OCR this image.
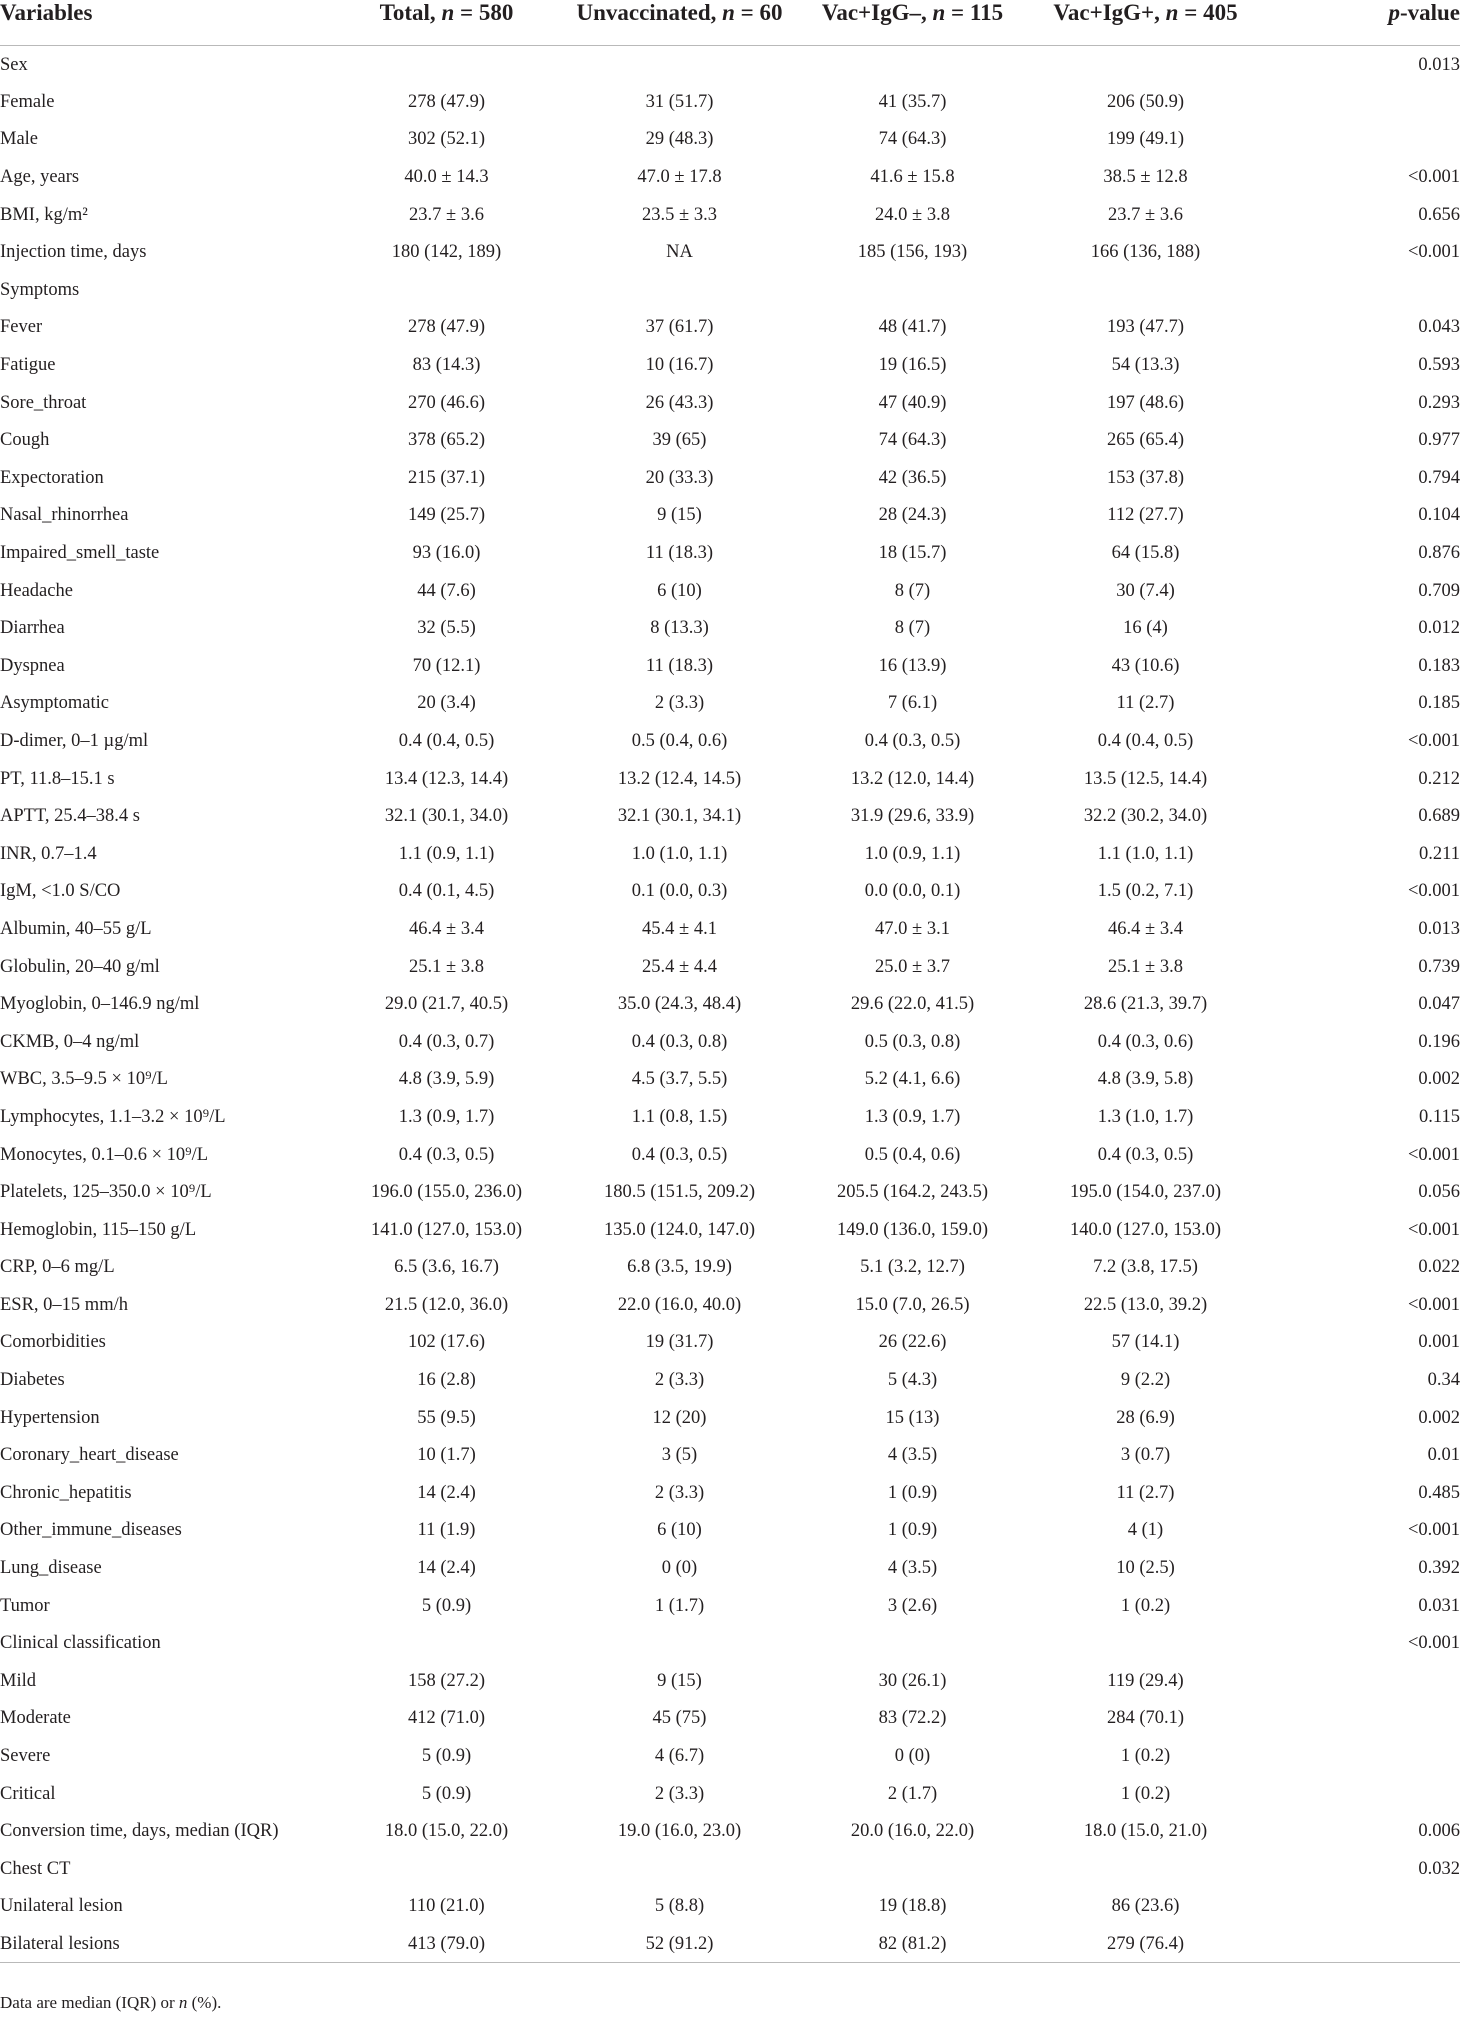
Variables	Total, n = 580	Unvaccinated, n = 60	Vac+IgG–, n = 115	Vac+IgG+, n = 405	p-value
Sex					0.013
Female	278 (47.9)	31 (51.7)	41 (35.7)	206 (50.9)	
Male	302 (52.1)	29 (48.3)	74 (64.3)	199 (49.1)	
Age, years	40.0 ± 14.3	47.0 ± 17.8	41.6 ± 15.8	38.5 ± 12.8	<0.001
BMI, kg/m²	23.7 ± 3.6	23.5 ± 3.3	24.0 ± 3.8	23.7 ± 3.6	0.656
Injection time, days	180 (142, 189)	NA	185 (156, 193)	166 (136, 188)	<0.001
Symptoms					
Fever	278 (47.9)	37 (61.7)	48 (41.7)	193 (47.7)	0.043
Fatigue	83 (14.3)	10 (16.7)	19 (16.5)	54 (13.3)	0.593
Sore_throat	270 (46.6)	26 (43.3)	47 (40.9)	197 (48.6)	0.293
Cough	378 (65.2)	39 (65)	74 (64.3)	265 (65.4)	0.977
Expectoration	215 (37.1)	20 (33.3)	42 (36.5)	153 (37.8)	0.794
Nasal_rhinorrhea	149 (25.7)	9 (15)	28 (24.3)	112 (27.7)	0.104
Impaired_smell_taste	93 (16.0)	11 (18.3)	18 (15.7)	64 (15.8)	0.876
Headache	44 (7.6)	6 (10)	8 (7)	30 (7.4)	0.709
Diarrhea	32 (5.5)	8 (13.3)	8 (7)	16 (4)	0.012
Dyspnea	70 (12.1)	11 (18.3)	16 (13.9)	43 (10.6)	0.183
Asymptomatic	20 (3.4)	2 (3.3)	7 (6.1)	11 (2.7)	0.185
D-dimer, 0–1 µg/ml	0.4 (0.4, 0.5)	0.5 (0.4, 0.6)	0.4 (0.3, 0.5)	0.4 (0.4, 0.5)	<0.001
PT, 11.8–15.1 s	13.4 (12.3, 14.4)	13.2 (12.4, 14.5)	13.2 (12.0, 14.4)	13.5 (12.5, 14.4)	0.212
APTT, 25.4–38.4 s	32.1 (30.1, 34.0)	32.1 (30.1, 34.1)	31.9 (29.6, 33.9)	32.2 (30.2, 34.0)	0.689
INR, 0.7–1.4	1.1 (0.9, 1.1)	1.0 (1.0, 1.1)	1.0 (0.9, 1.1)	1.1 (1.0, 1.1)	0.211
IgM, <1.0 S/CO	0.4 (0.1, 4.5)	0.1 (0.0, 0.3)	0.0 (0.0, 0.1)	1.5 (0.2, 7.1)	<0.001
Albumin, 40–55 g/L	46.4 ± 3.4	45.4 ± 4.1	47.0 ± 3.1	46.4 ± 3.4	0.013
Globulin, 20–40 g/ml	25.1 ± 3.8	25.4 ± 4.4	25.0 ± 3.7	25.1 ± 3.8	0.739
Myoglobin, 0–146.9 ng/ml	29.0 (21.7, 40.5)	35.0 (24.3, 48.4)	29.6 (22.0, 41.5)	28.6 (21.3, 39.7)	0.047
CKMB, 0–4 ng/ml	0.4 (0.3, 0.7)	0.4 (0.3, 0.8)	0.5 (0.3, 0.8)	0.4 (0.3, 0.6)	0.196
WBC, 3.5–9.5 × 10⁹/L	4.8 (3.9, 5.9)	4.5 (3.7, 5.5)	5.2 (4.1, 6.6)	4.8 (3.9, 5.8)	0.002
Lymphocytes, 1.1–3.2 × 10⁹/L	1.3 (0.9, 1.7)	1.1 (0.8, 1.5)	1.3 (0.9, 1.7)	1.3 (1.0, 1.7)	0.115
Monocytes, 0.1–0.6 × 10⁹/L	0.4 (0.3, 0.5)	0.4 (0.3, 0.5)	0.5 (0.4, 0.6)	0.4 (0.3, 0.5)	<0.001
Platelets, 125–350.0 × 10⁹/L	196.0 (155.0, 236.0)	180.5 (151.5, 209.2)	205.5 (164.2, 243.5)	195.0 (154.0, 237.0)	0.056
Hemoglobin, 115–150 g/L	141.0 (127.0, 153.0)	135.0 (124.0, 147.0)	149.0 (136.0, 159.0)	140.0 (127.0, 153.0)	<0.001
CRP, 0–6 mg/L	6.5 (3.6, 16.7)	6.8 (3.5, 19.9)	5.1 (3.2, 12.7)	7.2 (3.8, 17.5)	0.022
ESR, 0–15 mm/h	21.5 (12.0, 36.0)	22.0 (16.0, 40.0)	15.0 (7.0, 26.5)	22.5 (13.0, 39.2)	<0.001
Comorbidities	102 (17.6)	19 (31.7)	26 (22.6)	57 (14.1)	0.001
Diabetes	16 (2.8)	2 (3.3)	5 (4.3)	9 (2.2)	0.34
Hypertension	55 (9.5)	12 (20)	15 (13)	28 (6.9)	0.002
Coronary_heart_disease	10 (1.7)	3 (5)	4 (3.5)	3 (0.7)	0.01
Chronic_hepatitis	14 (2.4)	2 (3.3)	1 (0.9)	11 (2.7)	0.485
Other_immune_diseases	11 (1.9)	6 (10)	1 (0.9)	4 (1)	<0.001
Lung_disease	14 (2.4)	0 (0)	4 (3.5)	10 (2.5)	0.392
Tumor	5 (0.9)	1 (1.7)	3 (2.6)	1 (0.2)	0.031
Clinical classification					<0.001
Mild	158 (27.2)	9 (15)	30 (26.1)	119 (29.4)	
Moderate	412 (71.0)	45 (75)	83 (72.2)	284 (70.1)	
Severe	5 (0.9)	4 (6.7)	0 (0)	1 (0.2)	
Critical	5 (0.9)	2 (3.3)	2 (1.7)	1 (0.2)	
Conversion time, days, median (IQR)	18.0 (15.0, 22.0)	19.0 (16.0, 23.0)	20.0 (16.0, 22.0)	18.0 (15.0, 21.0)	0.006
Chest CT					0.032
Unilateral lesion	110 (21.0)	5 (8.8)	19 (18.8)	86 (23.6)	
Bilateral lesions	413 (79.0)	52 (91.2)	82 (81.2)	279 (76.4)	
Data are median (IQR) or n (%).
